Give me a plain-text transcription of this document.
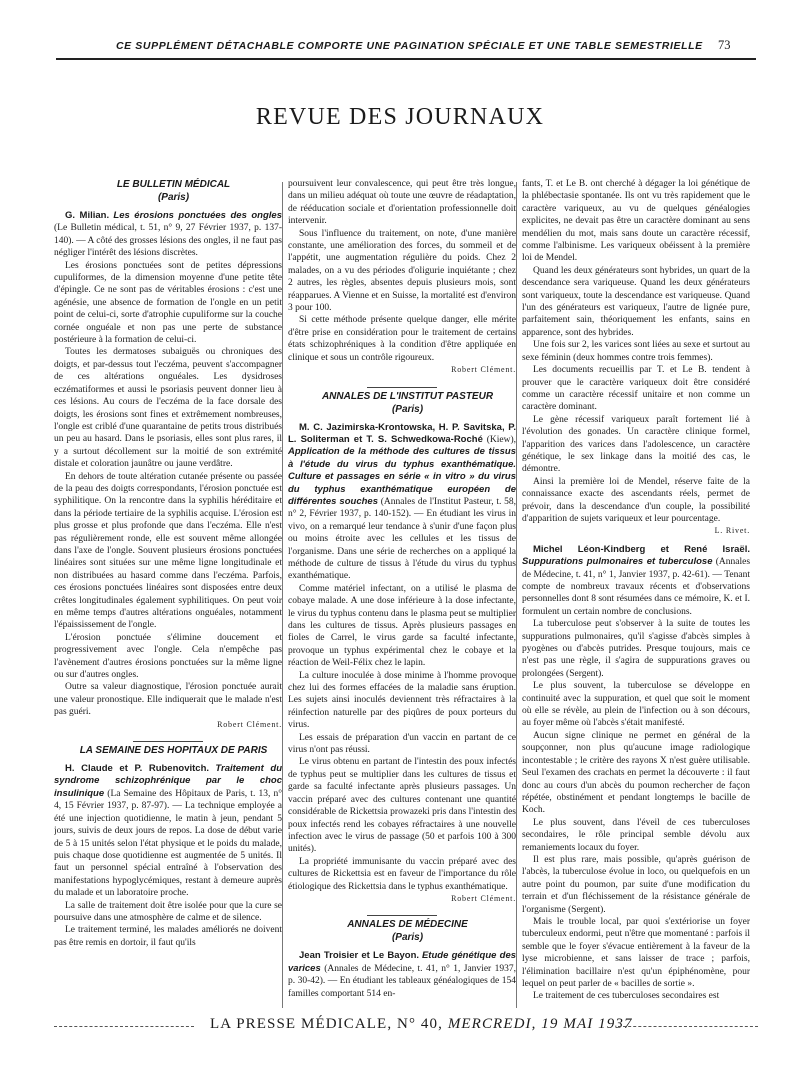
CE SUPPLÉMENT DÉTACHABLE COMPORTE UNE PAGINATION SPÉCIALE ET UNE TABLE SEMESTRIELLE 73
REVUE DES JOURNAUX

LE BULLETIN MÉDICAL

(Paris)

G. Milian. Les érosions ponctuées des ongles (Le Bulletin médical, t. 51, n° 9, 27 Février 1937, p. 137-140). — A côté des grosses lésions des ongles, il ne faut pas négliger l'intérêt des lésions discrètes.

Les érosions ponctuées sont de petites dépressions cupuliformes, de la dimension moyenne d'une petite tête d'épingle. Ce ne sont pas de véritables érosions : c'est une agénésie, une absence de formation de l'ongle en un petit point de celui-ci, sorte d'atrophie cupuliforme sur la couche cornée onguéale et non pas une perte de substance postérieure à la formation de celui-ci.

Toutes les dermatoses subaiguës ou chroniques des doigts, et par-dessus tout l'eczéma, peuvent s'accompagner de ces altérations onguéales. Les dysidroses eczématiformes et aussi le psoriasis peuvent donner lieu à ces lésions. Au cours de l'eczéma de la face dorsale des doigts, les érosions sont fines et extrêmement nombreuses, l'ongle est criblé d'une quarantaine de petits trous distribués un peu au hasard. Dans le psoriasis, elles sont plus rares, il y a surtout décollement sur la moitié de son extrémité distale et coloration jaunâtre ou jaune verdâtre.

En dehors de toute altération cutanée présente ou passée de la peau des doigts correspondants, l'érosion ponctuée est syphilitique. On la rencontre dans la syphilis héréditaire et dans la période tertiaire de la syphilis acquise. L'érosion est plus grosse et plus profonde que dans l'eczéma. Elle n'est pas régulièrement ronde, elle est souvent même allongée dans l'axe de l'ongle. Souvent plusieurs érosions ponctuées linéaires sont situées sur une même ligne longitudinale et non distribuées au hasard comme dans l'eczéma. Parfois, ces érosions ponctuées linéaires sont disposées entre deux crêtes longitudinales également syphilitiques. On peut voir en même temps d'autres altérations onguéales, notamment l'épaississement de l'ongle.

L'érosion ponctuée s'élimine doucement et progressivement avec l'ongle. Cela n'empêche pas l'avènement d'autres érosions ponctuées sur la même ligne ou sur d'autres ongles.

Outre sa valeur diagnostique, l'érosion ponctuée aurait une valeur pronostique. Elle indiquerait que le malade n'est pas guéri.

Robert Clément.

LA SEMAINE DES HOPITAUX DE PARIS

H. Claude et P. Rubenovitch. Traitement du syndrome schizophrénique par le choc insulinique (La Semaine des Hôpitaux de Paris, t. 13, n° 4, 15 Février 1937, p. 87-97). — La technique employée a été une injection quotidienne, le matin à jeun, pendant 5 jours, suivis de deux jours de repos. La dose de début varie de 5 à 15 unités selon l'état physique et le poids du malade, puis chaque dose quotidienne est augmentée de 5 unités. Il faut un personnel spécial entraîné à l'observation des manifestations hypoglycémiques, restant à demeure auprès du malade et un laboratoire proche.

La salle de traitement doit être isolée pour que la cure se poursuive dans une atmosphère de calme et de silence.

Le traitement terminé, les malades améliorés ne doivent pas être remis en dortoir, il faut qu'ils

poursuivent leur convalescence, qui peut être très longue, dans un milieu adéquat où toute une œuvre de réadaptation, de rééducation sociale et d'orientation professionnelle doit intervenir.

Sous l'influence du traitement, on note, d'une manière constante, une amélioration des forces, du sommeil et de l'appétit, une augmentation régulière du poids. Chez 2 malades, on a vu des périodes d'oligurie inquiétante ; chez 2 autres, les règles, absentes depuis plusieurs mois, sont réapparues. A Vienne et en Suisse, la mortalité est d'environ 3 pour 100.

Si cette méthode présente quelque danger, elle mérite d'être prise en considération pour le traitement de certains états schizophréniques à la condition d'être appliquée en clinique et sous un contrôle rigoureux.

Robert Clément.

ANNALES DE L'INSTITUT PASTEUR

(Paris)

M. C. Jazimirska-Krontowska, H. P. Savitska, P. L. Soliterman et T. S. Schwedkowa-Roché (Kiew), Application de la méthode des cultures de tissus à l'étude du virus du typhus exanthématique. Culture et passages en série « in vitro » du virus du typhus exanthématique européen de différentes souches (Annales de l'Institut Pasteur, t. 58, n° 2, Février 1937, p. 140-152). — En étudiant les virus in vivo, on a remarqué leur tendance à s'unir d'une façon plus ou moins étroite avec les cellules et les tissus de l'organisme. Dans une série de recherches on a appliqué la méthode de culture de tissus à l'étude du virus du typhus exanthématique.

Comme matériel infectant, on a utilisé le plasma de cobaye malade. A une dose inférieure à la dose infectante, le virus du typhus contenu dans le plasma peut se multiplier dans les cultures de tissus. Après plusieurs passages en fioles de Carrel, le virus garde sa faculté infectante, provoque un typhus expérimental chez le cobaye et la réaction de Weil-Félix chez le lapin.

La culture inoculée à dose minime à l'homme provoque chez lui des formes effacées de la maladie sans éruption. Les sujets ainsi inoculés deviennent très réfractaires à la réinfection naturelle par des piqûres de poux porteurs du virus.

Les essais de préparation d'un vaccin en partant de ce virus n'ont pas réussi.

Le virus obtenu en partant de l'intestin des poux infectés de typhus peut se multiplier dans les cultures de tissus et garde sa faculté infectante après plusieurs passages. Un vaccin préparé avec des cultures contenant une quantité considérable de Rickettsia prowazeki pris dans l'intestin des poux infectés rend les cobayes réfractaires à une nouvelle infection avec le virus de passage (50 et parfois 100 à 300 unités).

La propriété immunisante du vaccin préparé avec des cultures de Rickettsia est en faveur de l'importance du rôle étiologique des Rickettsia dans le typhus exanthématique.

Robert Clément.

ANNALES DE MÉDECINE

(Paris)

Jean Troisier et Le Bayon. Etude génétique des varices (Annales de Médecine, t. 41, n° 1, Janvier 1937, p. 30-42). — En étudiant les tableaux généalogiques de 154 familles comportant 514 en-

fants, T. et Le B. ont cherché à dégager la loi génétique de la phlébectasie spontanée. Ils ont vu très rapidement que le caractère variqueux, au vu de quelques généalogies explicites, ne devait pas être un caractère dominant au sens mendélien du mot, mais sans doute un caractère récessif, comme l'albinisme. Les variqueux obéissent à la première loi de Mendel.

Quand les deux générateurs sont hybrides, un quart de la descendance sera variqueuse. Quand les deux générateurs sont variqueux, toute la descendance est variqueuse. Quand l'un des générateurs est variqueux, l'autre de lignée pure, parfaitement sain, théoriquement les enfants, sains en apparence, sont des hybrides.

Une fois sur 2, les varices sont liées au sexe et surtout au sexe féminin (deux hommes contre trois femmes).

Les documents recueillis par T. et Le B. tendent à prouver que le caractère variqueux doit être considéré comme un caractère récessif unitaire et non comme un caractère dominant.

Le gène récessif variqueux paraît fortement lié à l'évolution des gonades. Un caractère clinique formel, l'apparition des varices dans l'adolescence, un caractère génétique, le sex linkage dans la moitié des cas, le démontre.

Ainsi la première loi de Mendel, réserve faite de la connaissance exacte des ascendants réels, permet de prévoir, dans la descendance d'un couple, la possibilité d'apparition de sujets variqueux et leur pourcentage.

L. Rivet.

Michel Léon-Kindberg et René Israël. Suppurations pulmonaires et tuberculose (Annales de Médecine, t. 41, n° 1, Janvier 1937, p. 42-61). — Tenant compte de nombreux travaux récents et d'observations personnelles dont 8 sont résumées dans ce mémoire, K. et I. formulent un certain nombre de conclusions.

La tuberculose peut s'observer à la suite de toutes les suppurations pulmonaires, qu'il s'agisse d'abcès simples à pyogènes ou d'abcès putrides. Presque toujours, mais ce n'est pas une règle, il s'agira de suppurations graves ou prolongées (Sergent).

Le plus souvent, la tuberculose se développe en continuité avec la suppuration, et quel que soit le moment où elle se révèle, au plein de l'infection ou à son décours, au foyer même où l'abcès s'était manifesté.

Aucun signe clinique ne permet en général de la soupçonner, non plus qu'aucune image radiologique incontestable ; le critère des rayons X n'est guère utilisable. Seul l'examen des crachats en permet la découverte : il faut donc au cours d'un abcès du poumon rechercher de façon répétée, obstinément et pendant longtemps le bacille de Koch.

Le plus souvent, dans l'éveil de ces tuberculoses secondaires, le rôle principal semble dévolu aux remaniements locaux du foyer.

Il est plus rare, mais possible, qu'après guérison de l'abcès, la tuberculose évolue in loco, ou quelquefois en un autre point du poumon, par suite d'une modification du terrain et d'un fléchissement de la résistance générale de l'organisme (Sergent).

Mais le trouble local, par quoi s'extériorise un foyer tuberculeux endormi, peut n'être que momentané : parfois il semble que le foyer s'évacue entièrement à la faveur de la lyse microbienne, et sans laisser de trace ; parfois, l'élimination bacillaire n'est qu'un épiphénomène, pour lequel on peut parler de « bacilles de sortie ».

Le traitement de ces tuberculoses secondaires est

LA PRESSE MÉDICALE, N° 40, MERCREDI, 19 MAI 1937
